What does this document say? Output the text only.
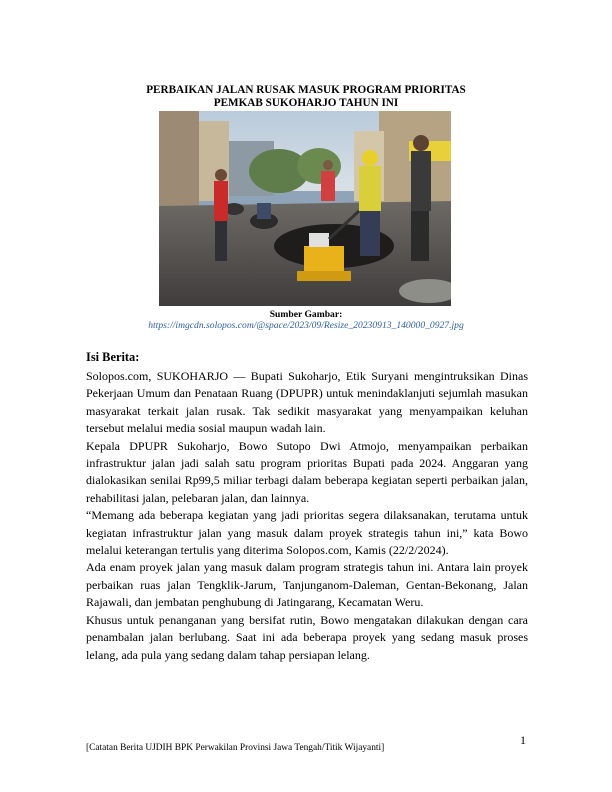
PERBAIKAN JALAN RUSAK MASUK PROGRAM PRIORITAS
PEMKAB SUKOHARJO TAHUN INI
Sumber Gambar:
https://imgcdn.solopos.com/@space/2023/09/Resize_20230913_140000_0927.jpg
Isi Berita:

Solopos.com, SUKOHARJO — Bupati Sukoharjo, Etik Suryani mengintruksikan Dinas Pekerjaan Umum dan Penataan Ruang (DPUPR) untuk menindaklanjuti sejumlah masukan masyarakat terkait jalan rusak. Tak sedikit masyarakat yang menyampaikan keluhan tersebut melalui media sosial maupun wadah lain.

Kepala DPUPR Sukoharjo, Bowo Sutopo Dwi Atmojo, menyampaikan perbaikan infrastruktur jalan jadi salah satu program prioritas Bupati pada 2024. Anggaran yang dialokasikan senilai Rp99,5 miliar terbagi dalam beberapa kegiatan seperti perbaikan jalan, rehabilitasi jalan, pelebaran jalan, dan lainnya.

“Memang ada beberapa kegiatan yang jadi prioritas segera dilaksanakan, terutama untuk kegiatan infrastruktur jalan yang masuk dalam proyek strategis tahun ini,” kata Bowo melalui keterangan tertulis yang diterima Solopos.com, Kamis (22/2/2024).

Ada enam proyek jalan yang masuk dalam program strategis tahun ini. Antara lain proyek perbaikan ruas jalan Tengklik-Jarum, Tanjunganom-Daleman, Gentan-Bekonang, Jalan Rajawali, dan jembatan penghubung di Jatingarang, Kecamatan Weru.

Khusus untuk penanganan yang bersifat rutin, Bowo mengatakan dilakukan dengan cara penambalan jalan berlubang. Saat ini ada beberapa proyek yang sedang masuk proses lelang, ada pula yang sedang dalam tahap persiapan lelang.

1
[Catatan Berita UJDIH BPK Perwakilan Provinsi Jawa Tengah/Titik Wijayanti]
